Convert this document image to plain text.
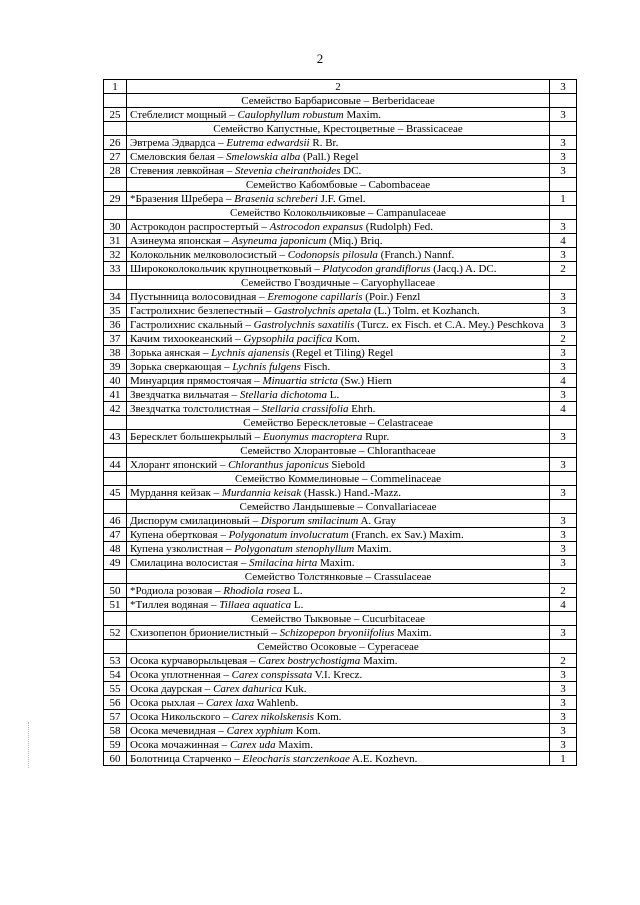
2
1	2	3
	Семейство Барбарисовые – Berberidaceae	
25	Стеблелист мощный – Caulophyllum robustum Maxim.	3
	Семейство Капустные, Крестоцветные – Brassicaceae	
26	Эвтрема Эдвардса – Eutrema edwardsii R. Br.	3
27	Смеловския белая – Smelowskia alba (Pall.) Regel	3
28	Стевения левкойная – Stevenia cheiranthoides DC.	3
	Семейство Кабомбовые – Cabombaceae	
29	*Бразения Шребера – Brasenia schreberi J.F. Gmel.	1
	Семейство Колокольчиковые – Campanulaceae	
30	Астрокодон распростертый – Astrocodon expansus (Rudolph) Fed.	3
31	Азинеума японская – Asyneuma japonicum (Miq.) Briq.	4
32	Колокольник мелковолосистый – Codonopsis pilosula (Franch.) Nannf.	3
33	Ширококолокольчик крупноцветковый – Platycodon grandiflorus (Jacq.) A. DC.	2
	Семейство Гвоздичные – Caryophyllaceae	
34	Пустынница волосовидная – Eremogone capillaris (Poir.) Fenzl	3
35	Гастролихнис безлепестный – Gastrolychnis apetala (L.) Tolm. et Kozhanch.	3
36	Гастролихнис скальный – Gastrolychnis saxatilis (Turcz. ex Fisch. et C.A. Mey.) Peschkova	3
37	Качим тихоокеанский – Gypsophila pacifica Kom.	2
38	Зорька аянская – Lychnis ajanensis (Regel et Tiling) Regel	3
39	Зорька сверкающая – Lychnis fulgens Fisch.	3
40	Минуарция прямостоячая – Minuartia stricta (Sw.) Hiern	4
41	Звездчатка вильчатая – Stellaria dichotoma L.	3
42	Звездчатка толстолистная – Stellaria crassifolia Ehrh.	4
	Семейство Бересклетовые – Celastraceae	
43	Бересклет большекрылый – Euonymus macroptera Rupr.	3
	Семейство Хлорантовые – Chloranthaceae	
44	Хлорант японский – Chloranthus japonicus Siebold	3
	Семейство Коммелиновые – Commelinaceae	
45	Мурдання кейзак – Murdannia keisak (Hassk.) Hand.-Mazz.	3
	Семейство Ландышевые – Convallariaceae	
46	Диспорум смилациновый – Disporum smilacinum A. Gray	3
47	Купена обертковая – Polygonatum involucratum (Franch. ex Sav.) Maxim.	3
48	Купена узколистная – Polygonatum stenophyllum Maxim.	3
49	Смилацина волосистая – Smilacina hirta Maxim.	3
	Семейство Толстянковые – Crassulaceae	
50	*Родиола розовая – Rhodiola rosea L.	2
51	*Тиллея водяная – Tillaea aquatica L.	4
	Семейство Тыквовые – Cucurbitaceae	
52	Схизопепон бриониелистный – Schizopepon bryoniifolius Maxim.	3
	Семейство Осоковые – Cyperaceae	
53	Осока курчаворыльцевая – Carex bostrychostigma Maxim.	2
54	Осока уплотненная – Carex conspissata V.I. Krecz.	3
55	Осока даурская – Carex dahurica Kuk.	3
56	Осока рыхлая – Carex laxa Wahlenb.	3
57	Осока Никольского – Carex nikolskensis Kom.	3
58	Осока мечевидная – Carex xyphium Kom.	3
59	Осока мочажинная – Carex uda Maxim.	3
60	Болотница Старченко – Eleocharis starczenkoae A.E. Kozhevn.	1
